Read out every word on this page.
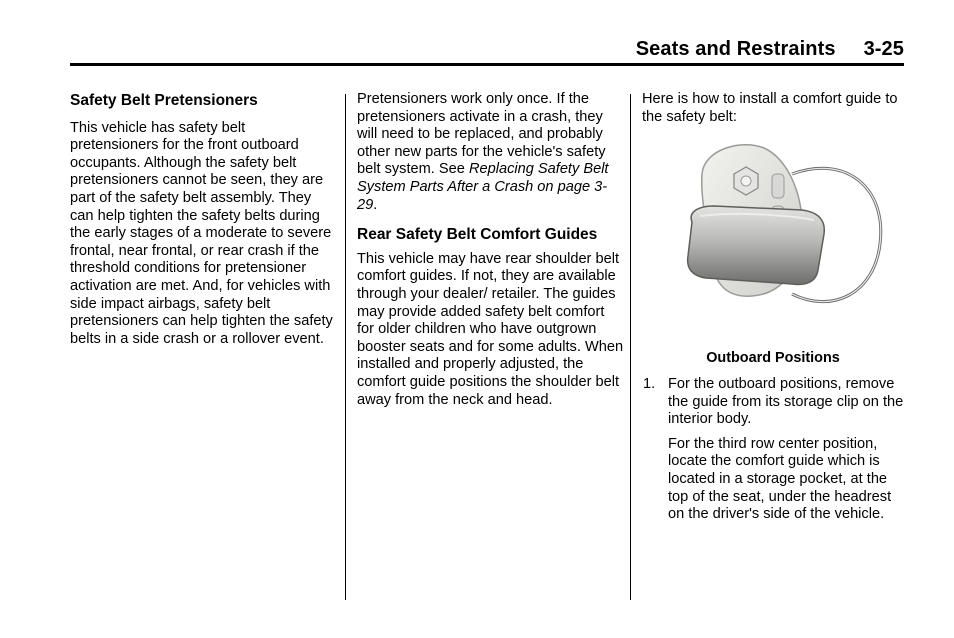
Seats and Restraints 3-25

Safety Belt Pretensioners

This vehicle has safety belt pretensioners for the front outboard occupants. Although the safety belt pretensioners cannot be seen, they are part of the safety belt assembly. They can help tighten the safety belts during the early stages of a moderate to severe frontal, near frontal, or rear crash if the threshold conditions for pretensioner activation are met. And, for vehicles with side impact airbags, safety belt pretensioners can help tighten the safety belts in a side crash or a rollover event.

Pretensioners work only once. If the pretensioners activate in a crash, they will need to be replaced, and probably other new parts for the vehicle's safety belt system. See Replacing Safety Belt System Parts After a Crash on page 3-29.

Rear Safety Belt Comfort Guides

This vehicle may have rear shoulder belt comfort guides. If not, they are available through your dealer/ retailer. The guides may provide added safety belt comfort for older children who have outgrown booster seats and for some adults. When installed and properly adjusted, the comfort guide positions the shoulder belt away from the neck and head.

Here is how to install a comfort guide to the safety belt:

Outboard Positions
1. For the outboard positions, remove the guide from its storage clip on the interior body.

For the third row center position, locate the comfort guide which is located in a storage pocket, at the top of the seat, under the headrest on the driver's side of the vehicle.
